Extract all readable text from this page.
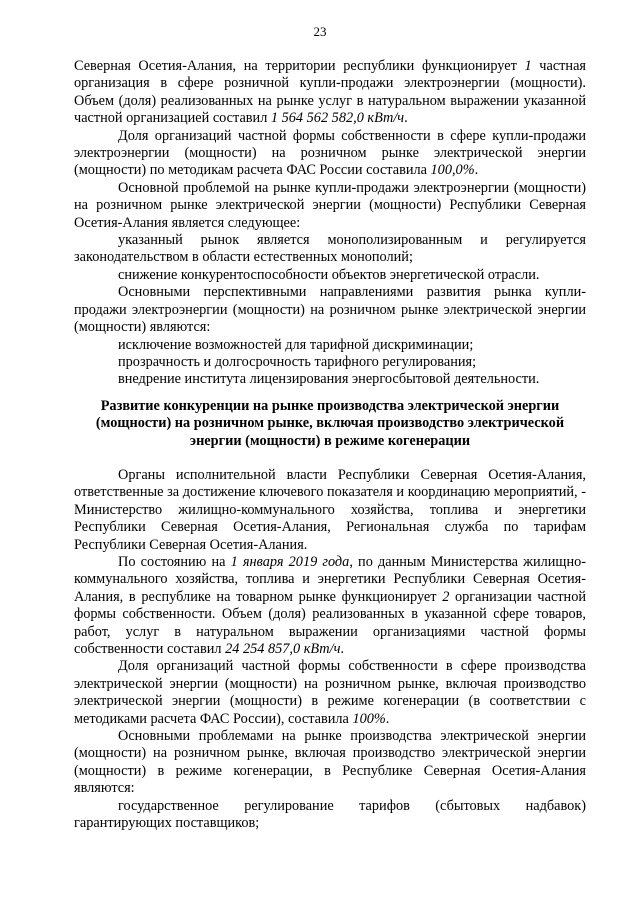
23

Северная Осетия-Алания, на территории республики функционирует 1 частная организация в сфере розничной купли-продажи электроэнергии (мощности). Объем (доля) реализованных на рынке услуг в натуральном выражении указанной частной организацией составил 1 564 562 582,0 кВт/ч.

Доля организаций частной формы собственности в сфере купли-продажи электроэнергии (мощности) на розничном рынке электрической энергии (мощности) по методикам расчета ФАС России составила 100,0%.

Основной проблемой на рынке купли-продажи электроэнергии (мощности) на розничном рынке электрической энергии (мощности) Республики Северная Осетия-Алания является следующее:

указанный рынок является монополизированным и регулируется законодательством в области естественных монополий;

снижение конкурентоспособности объектов энергетической отрасли.

Основными перспективными направлениями развития рынка купли-продажи электроэнергии (мощности) на розничном рынке электрической энергии (мощности) являются:

исключение возможностей для тарифной дискриминации;

прозрачность и долгосрочность тарифного регулирования;

внедрение института лицензирования энергосбытовой деятельности.

Развитие конкуренции на рынке производства электрической энергии
(мощности) на розничном рынке, включая производство электрической
энергии (мощности) в режиме когенерации

Органы исполнительной власти Республики Северная Осетия-Алания, ответственные за достижение ключевого показателя и координацию мероприятий, - Министерство жилищно-коммунального хозяйства, топлива и энергетики Республики Северная Осетия-Алания, Региональная служба по тарифам Республики Северная Осетия-Алания.

По состоянию на 1 января 2019 года, по данным Министерства жилищно-коммунального хозяйства, топлива и энергетики Республики Северная Осетия-Алания, в республике на товарном рынке функционирует 2 организации частной формы собственности. Объем (доля) реализованных в указанной сфере товаров, работ, услуг в натуральном выражении организациями частной формы собственности составил 24 254 857,0 кВт/ч.

Доля организаций частной формы собственности в сфере производства электрической энергии (мощности) на розничном рынке, включая производство электрической энергии (мощности) в режиме когенерации (в соответствии с методиками расчета ФАС России), составила 100%.

Основными проблемами на рынке производства электрической энергии (мощности) на розничном рынке, включая производство электрической энергии (мощности) в режиме когенерации, в Республике Северная Осетия-Алания являются:

государственное регулирование тарифов (сбытовых надбавок) гарантирующих поставщиков;
